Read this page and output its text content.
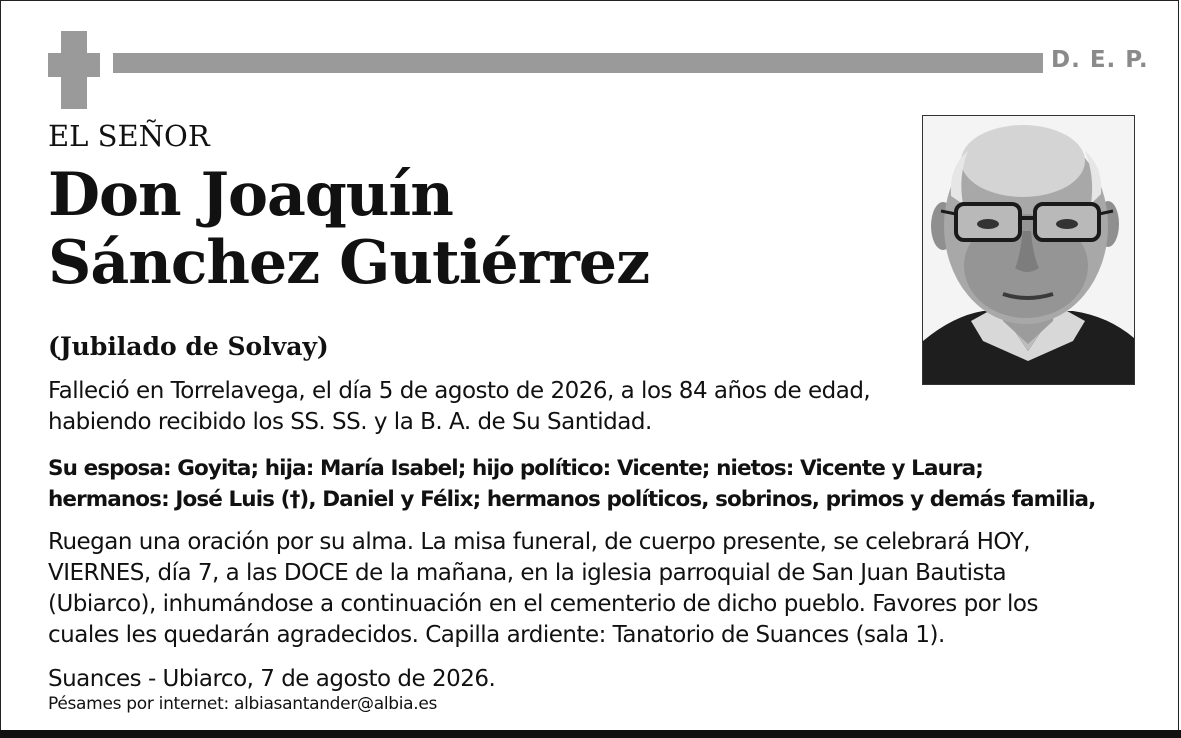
D. E. P.
EL SEÑOR
Don Joaquín
Sánchez Gutiérrez
(Jubilado de Solvay)
Falleció en Torrelavega, el día 5 de agosto de 2026, a los 84 años de edad,
habiendo recibido los SS. SS. y la B. A. de Su Santidad.
Su esposa: Goyita; hija: María Isabel; hijo político: Vicente; nietos: Vicente y Laura;
hermanos: José Luis (†), Daniel y Félix; hermanos políticos, sobrinos, primos y demás familia,
Ruegan una oración por su alma. La misa funeral, de cuerpo presente, se celebrará HOY,
VIERNES, día 7, a las DOCE de la mañana, en la iglesia parroquial de San Juan Bautista
(Ubiarco), inhumándose a continuación en el cementerio de dicho pueblo. Favores por los
cuales les quedarán agradecidos. Capilla ardiente: Tanatorio de Suances (sala 1).
Suances - Ubiarco, 7 de agosto de 2026.
Pésames por internet: albiasantander@albia.es
